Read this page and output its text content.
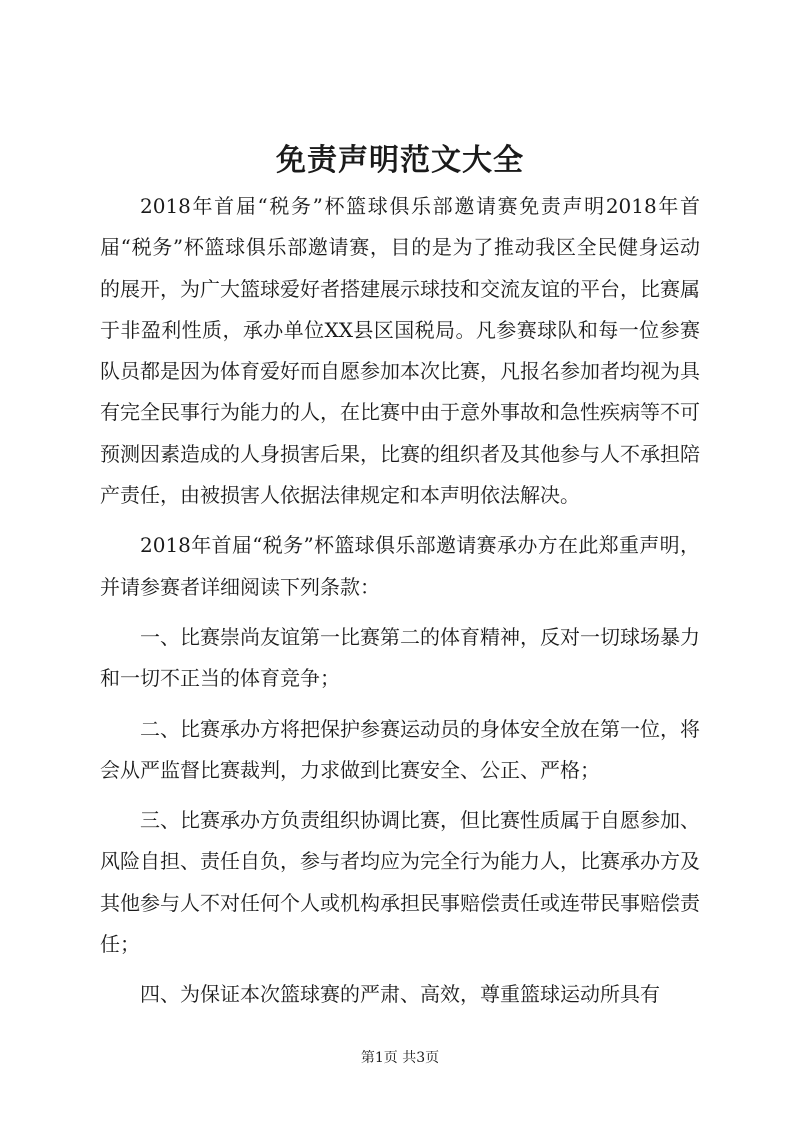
免责声明范文大全

2018年首届“税务”杯篮球俱乐部邀请赛免责声明2018年首届“税务”杯篮球俱乐部邀请赛，目的是为了推动我区全民健身运动的展开，为广大篮球爱好者搭建展示球技和交流友谊的平台，比赛属于非盈利性质，承办单位XX县区国税局。凡参赛球队和每一位参赛队员都是因为体育爱好而自愿参加本次比赛，凡报名参加者均视为具有完全民事行为能力的人，在比赛中由于意外事故和急性疾病等不可预测因素造成的人身损害后果，比赛的组织者及其他参与人不承担陪产责任，由被损害人依据法律规定和本声明依法解决。

2018年首届“税务”杯篮球俱乐部邀请赛承办方在此郑重声明，并请参赛者详细阅读下列条款：

一、比赛崇尚友谊第一比赛第二的体育精神，反对一切球场暴力和一切不正当的体育竞争；

二、比赛承办方将把保护参赛运动员的身体安全放在第一位，将会从严监督比赛裁判，力求做到比赛安全、公正、严格；

三、比赛承办方负责组织协调比赛，但比赛性质属于自愿参加、风险自担、责任自负，参与者均应为完全行为能力人，比赛承办方及其他参与人不对任何个人或机构承担民事赔偿责任或连带民事赔偿责任；

四、为保证本次篮球赛的严肃、高效，尊重篮球运动所具有

第1页 共3页
